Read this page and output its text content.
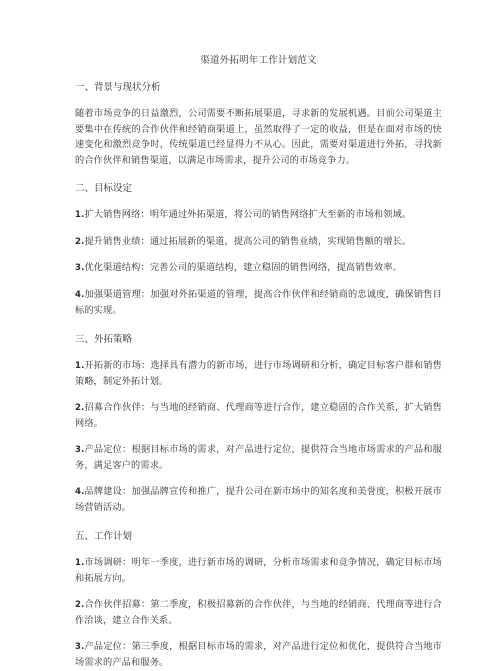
渠道外拓明年工作计划范文

一、背景与现状分析

随着市场竞争的日益激烈，公司需要不断拓展渠道，寻求新的发展机遇。目前公司渠道主要集中在传统的合作伙伴和经销商渠道上，虽然取得了一定的收益，但是在面对市场的快速变化和激烈竞争时，传统渠道已经显得力不从心。因此，需要对渠道进行外拓，寻找新的合作伙伴和销售渠道，以满足市场需求，提升公司的市场竞争力。

二、目标设定

1.扩大销售网络：明年通过外拓渠道，将公司的销售网络扩大至新的市场和领域。

2.提升销售业绩：通过拓展新的渠道，提高公司的销售业绩，实现销售额的增长。

3.优化渠道结构：完善公司的渠道结构，建立稳固的销售网络，提高销售效率。

4.加强渠道管理：加强对外拓渠道的管理，提高合作伙伴和经销商的忠诚度，确保销售目标的实现。

三、外拓策略

1.开拓新的市场：选择具有潜力的新市场，进行市场调研和分析，确定目标客户群和销售策略，制定外拓计划。

2.招募合作伙伴：与当地的经销商、代理商等进行合作，建立稳固的合作关系，扩大销售网络。

3.产品定位：根据目标市场的需求，对产品进行定位，提供符合当地市场需求的产品和服务，满足客户的需求。

4.品牌建设：加强品牌宣传和推广，提升公司在新市场中的知名度和美誉度，积极开展市场营销活动。

五、工作计划

1.市场调研：明年一季度，进行新市场的调研，分析市场需求和竞争情况，确定目标市场和拓展方向。

2.合作伙伴招募：第二季度，积极招募新的合作伙伴，与当地的经销商、代理商等进行合作洽谈，建立合作关系。

3.产品定位：第三季度，根据目标市场的需求，对产品进行定位和优化，提供符合当地市场需求的产品和服务。
